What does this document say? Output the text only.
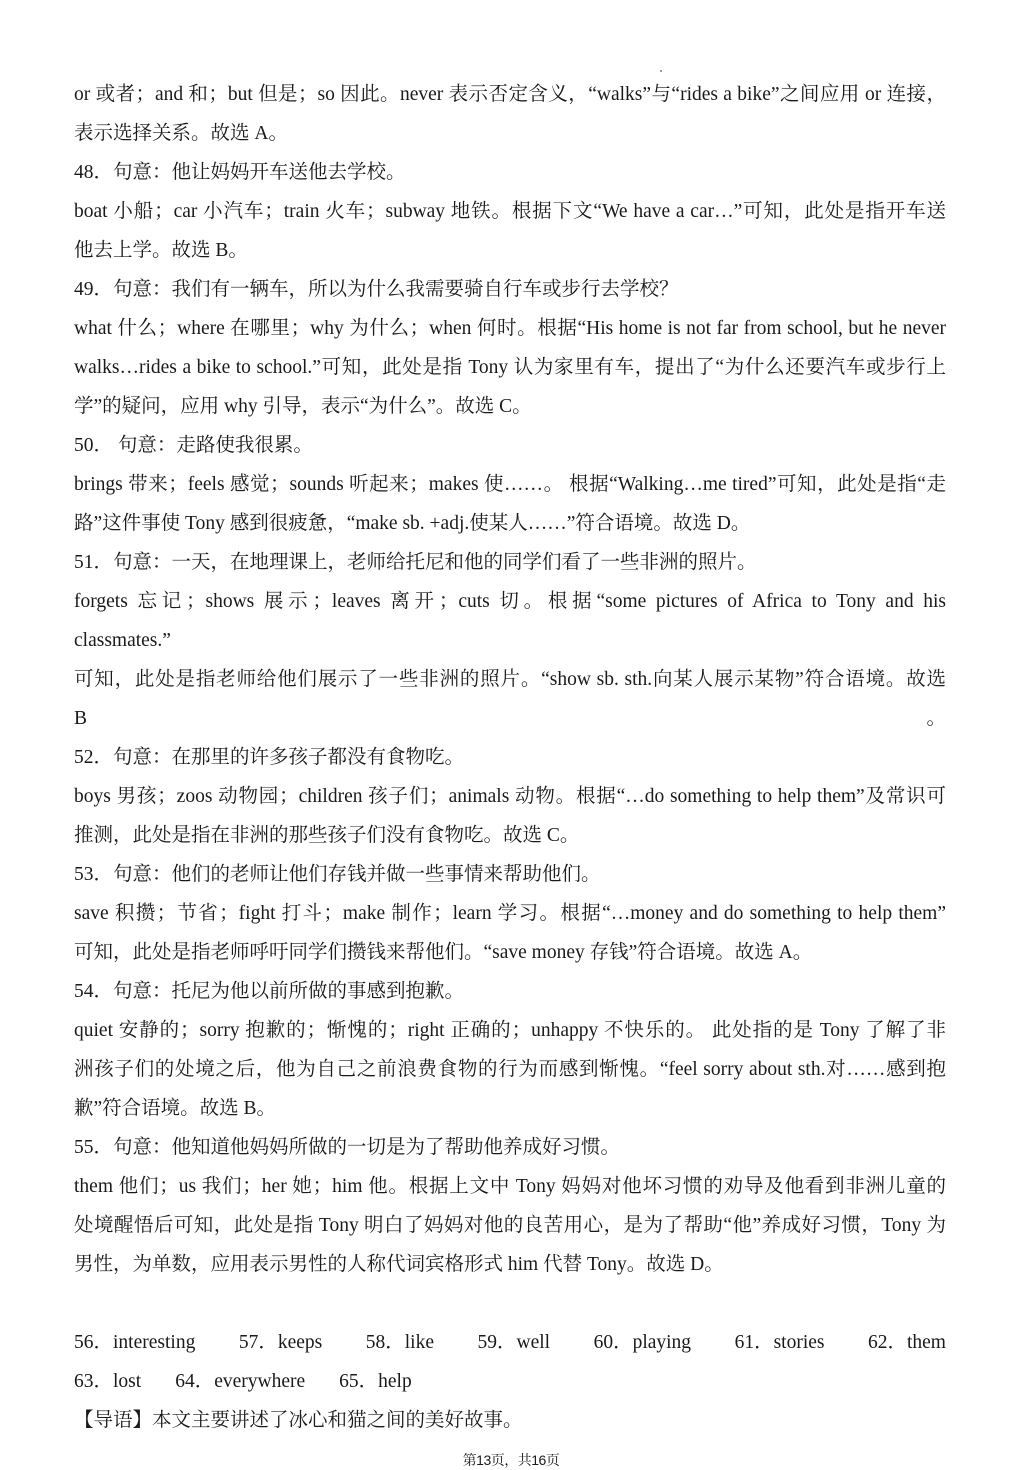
or 或者；and 和；but 但是；so 因此。never 表示否定含义，“walks”与“rides a bike”之间应用 or 连接，
表示选择关系。故选 A。
48．句意：他让妈妈开车送他去学校。
boat 小船；car 小汽车；train 火车；subway 地铁。根据下文“We have a car…”可知，此处是指开车送
他去上学。故选 B。
49．句意：我们有一辆车，所以为什么我需要骑自行车或步行去学校？
what 什么；where 在哪里；why 为什么；when 何时。根据“His home is not far from school, but he never
walks…rides a bike to school.”可知，此处是指 Tony 认为家里有车，提出了“为什么还要汽车或步行上
学”的疑问，应用 why 引导，表示“为什么”。故选 C。
50． 句意：走路使我很累。
brings 带来；feels 感觉；sounds 听起来；makes 使……。 根据“Walking…me tired”可知，此处是指“走
路”这件事使 Tony 感到很疲惫，“make sb. +adj.使某人……”符合语境。故选 D。
51．句意：一天，在地理课上，老师给托尼和他的同学们看了一些非洲的照片。
forgets 忘记；shows 展示；leaves 离开；cuts 切。根据“some pictures of Africa to Tony and his classmates.”
可知，此处是指老师给他们展示了一些非洲的照片。“show sb. sth.向某人展示某物”符合语境。故选 B。
52．句意：在那里的许多孩子都没有食物吃。
boys 男孩；zoos 动物园；children 孩子们；animals 动物。根据“…do something to help them”及常识可
推测，此处是指在非洲的那些孩子们没有食物吃。故选 C。
53．句意：他们的老师让他们存钱并做一些事情来帮助他们。
save 积攒；节省；fight 打斗；make 制作；learn 学习。根据“…money and do something to help them”
可知，此处是指老师呼吁同学们攒钱来帮他们。“save money 存钱”符合语境。故选 A。
54．句意：托尼为他以前所做的事感到抱歉。
quiet 安静的；sorry 抱歉的；惭愧的；right 正确的；unhappy 不快乐的。 此处指的是 Tony 了解了非
洲孩子们的处境之后，他为自己之前浪费食物的行为而感到惭愧。“feel sorry about sth.对……感到抱
歉”符合语境。故选 B。
55．句意：他知道他妈妈所做的一切是为了帮助他养成好习惯。
them 他们；us 我们；her 她；him 他。根据上文中 Tony 妈妈对他坏习惯的劝导及他看到非洲儿童的
处境醒悟后可知，此处是指 Tony 明白了妈妈对他的良苦用心，是为了帮助“他”养成好习惯，Tony 为
男性，为单数，应用表示男性的人称代词宾格形式 him 代替 Tony。故选 D。
56．interesting 57．keeps 58．like 59．well 60．playing 61．stories 62．them
63．lost 64．everywhere 65．help
【导语】本文主要讲述了冰心和猫之间的美好故事。
第13页，共16页
